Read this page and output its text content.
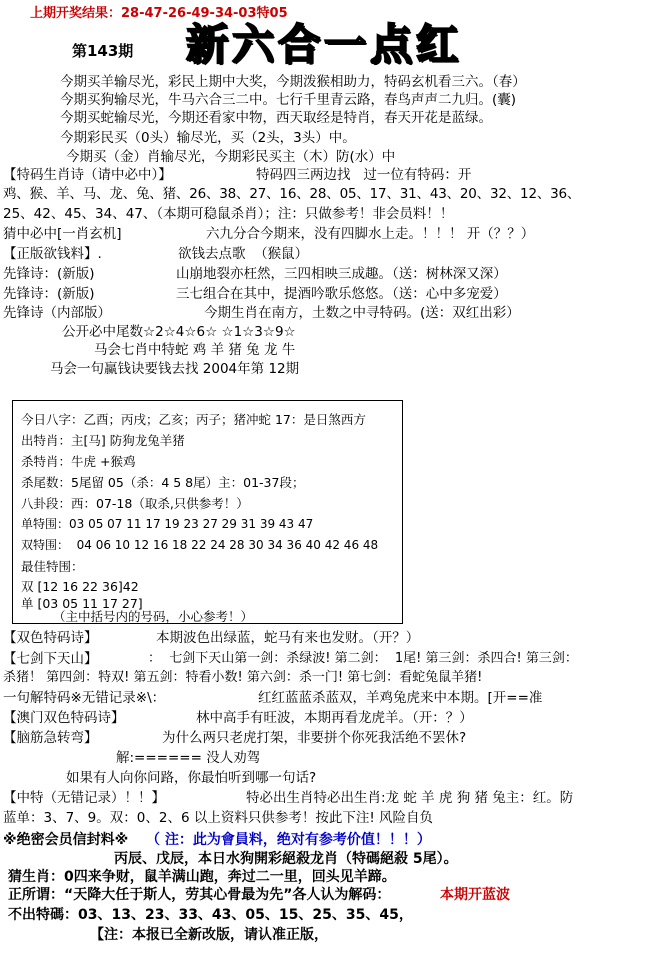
上期开奖结果：28-47-26-49-34-03特05
第143期 新 六 合 一 点 红
今期买羊输尽光，彩民上期中大奖，今期泼猴相助力，特码玄机看三六。（春）
今期买狗输尽光，牛马六合三二中。七行千里青云路，春鸟声声二九归。(囊)
今期买蛇输尽光，今期还看家中物，西天取经是特肖，春天开花是蓝绿。
今期彩民买（0头）输尽光，买（2头，3头）中。
今期买（金）肖输尽光，今期彩民买主（木）防(水）中
【特码生肖诗（请中必中）】	特码四三两边找   过一位有特码：开
鸡、猴、羊、马、龙、兔、猪、26、38、27、16、28、05、17、31、43、20、32、12、36、
25、42、45、34、47、（本期可稳鼠杀肖）；注：只做参考！非会员料！！
猜中必中[一肖玄机]	六九分合今期来，没有四脚水上走。！！！ 开（？？）
【正版欲钱料】.	欲钱去点歌  （猴鼠）
先锋诗：(新版)	山崩地裂亦枉然，三四相映三成趣。（送：树林深又深）
先锋诗：(新版)	三七组合在其中，提酒吟歌乐悠悠。（送：心中多宠爱）
先锋诗（内部版）	今期生肖在南方，土数之中寻特码。(送：双红出彩）
公开必中尾数☆2☆4☆6☆ ☆1☆3☆9☆
马会七肖中特蛇 鸡 羊 猪 兔 龙 牛
马会一句赢钱诀要钱去找 2004年第 12期
今日八字：乙酉；丙戌；乙亥；丙子；猪冲蛇 17：是日煞西方
出特肖：主[马] 防狗龙兔羊猪
杀特肖：牛虎 +猴鸡
杀尾数：5尾留 05（杀：4 5 8尾）主：01-37段；
八卦段：西：07-18（取杀,只供参考！）
单特围：03 05 07 11 17 19 23 27 29 31 39 43 47
双特围：  04 06 10 12 16 18 22 24 28 30 34 36 40 42 46 48
最佳特围：
双 [12 16 22 36]42
单 [03 05 11 17 27]
（主中括号内的号码，小心参考！）
【双色特码诗】	本期波色出绿蓝，蛇马有来也发财。（开？）
【七剑下天山】	：  七剑下天山第一剑：杀绿波! 第二剑：  1尾! 第三剑：杀四合! 第三剑：
杀猪！ 第四剑：特双! 第五剑：特看小数! 第六剑：杀一门! 第七剑：看蛇兔鼠羊猪!
一句解特码※无错记录※\：	红红蓝蓝杀蓝双，羊鸡兔虎来中本期。[开==准
【澳门双色特码诗】	林中高手有旺波，本期再看龙虎羊。（开：？）
【脑筋急转弯】	为什么两只老虎打架，非要拼个你死我活绝不罢休?
解:====== 没人劝驾
如果有人向你问路，你最怕听到哪一句话?
【中特（无错记录）！！】	特必出生肖特必出生肖:龙 蛇 羊 虎 狗 猪 兔主：红。防
蓝单：3、7、9。双：0、2、6 以上资料只供参考！按此下注! 风险自负
※绝密会员信封料※ （ 注：此为會員料，绝对有参考价值！！！）
丙辰、戊辰，本日水狗開彩絕殺龙肖（特碼絕殺 5尾）。
猜生肖：0四来争财，鼠羊满山跑，奔过二一里，回头见羊蹄。
正所谓：“天降大任于斯人，劳其心骨最为先”各人认为解码：	本期开蓝波
不出特碼：03、13、23、33、43、05、15、25、35、45，
【注：本报已全新改版，请认准正版，
